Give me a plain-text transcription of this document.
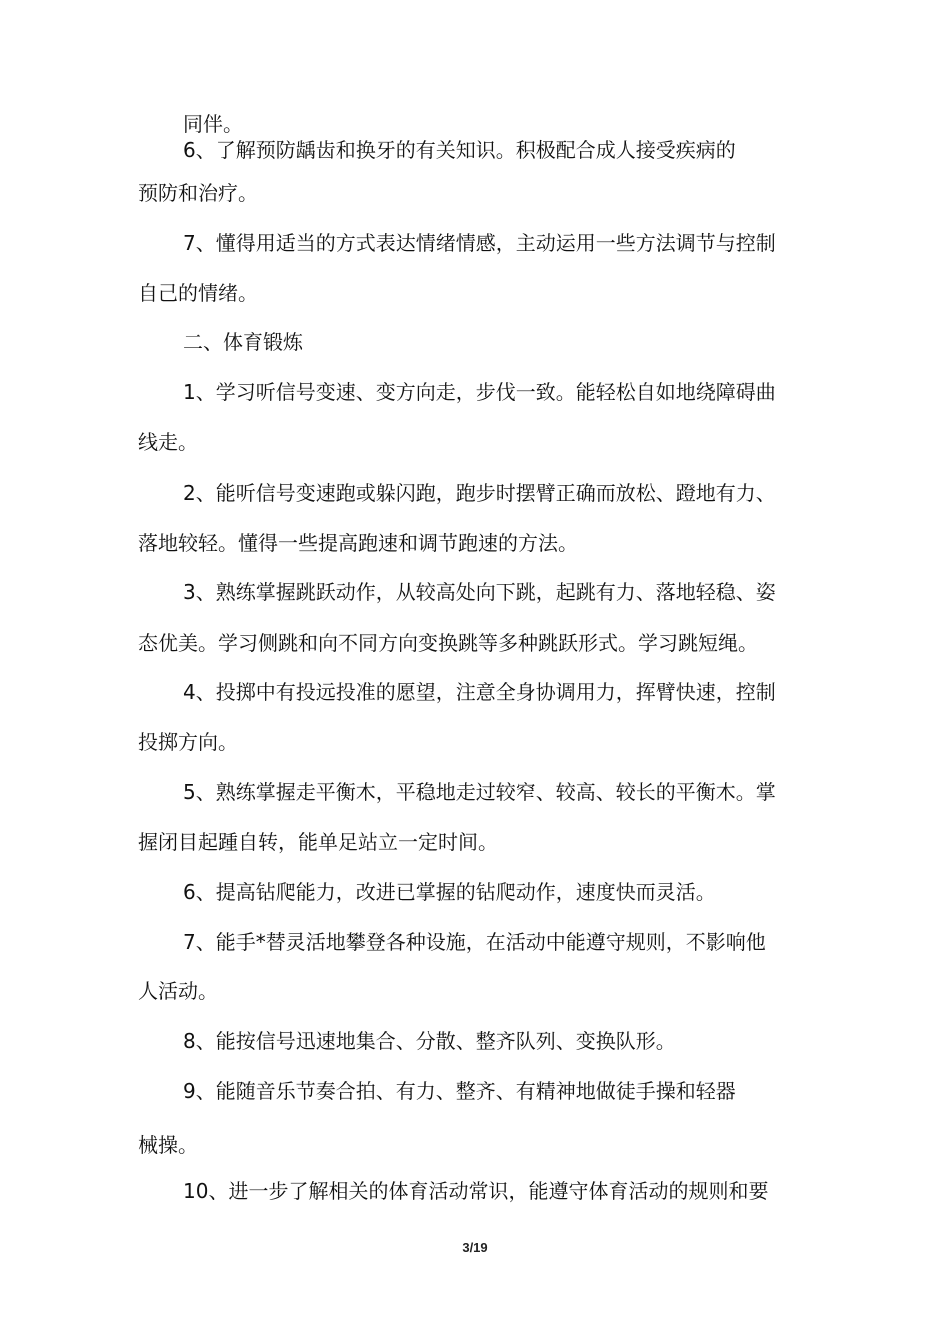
同伴。

6、了解预防龋齿和换牙的有关知识。积极配合成人接受疾病的

预防和治疗。

7、懂得用适当的方式表达情绪情感，主动运用一些方法调节与控制

自己的情绪。

二、体育锻炼

1、学习听信号变速、变方向走，步伐一致。能轻松自如地绕障碍曲

线走。

2、能听信号变速跑或躲闪跑，跑步时摆臂正确而放松、蹬地有力、

落地较轻。懂得一些提高跑速和调节跑速的方法。

3、熟练掌握跳跃动作，从较高处向下跳，起跳有力、落地轻稳、姿

态优美。学习侧跳和向不同方向变换跳等多种跳跃形式。学习跳短绳。

4、投掷中有投远投准的愿望，注意全身协调用力，挥臂快速，控制

投掷方向。

5、熟练掌握走平衡木，平稳地走过较窄、较高、较长的平衡木。掌

握闭目起踵自转，能单足站立一定时间。

6、提高钻爬能力，改进已掌握的钻爬动作，速度快而灵活。

7、能手*替灵活地攀登各种设施，在活动中能遵守规则，不影响他

人活动。

8、能按信号迅速地集合、分散、整齐队列、变换队形。

9、能随音乐节奏合拍、有力、整齐、有精神地做徒手操和轻器

械操。

10、进一步了解相关的体育活动常识，能遵守体育活动的规则和要

3/19
